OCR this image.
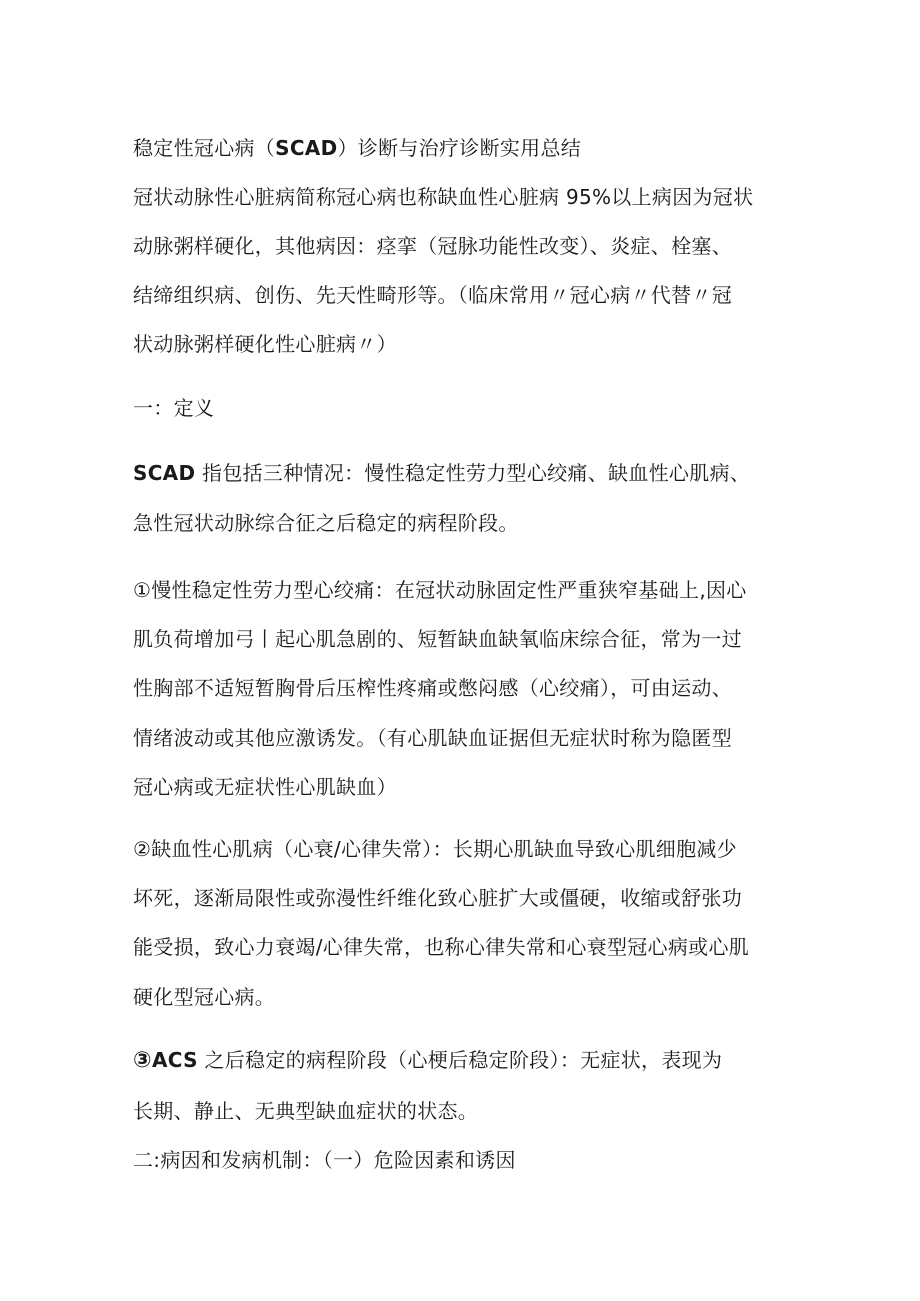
稳定性冠心病（SCAD）诊断与治疗诊断实用总结
冠状动脉性心脏病简称冠心病也称缺血性心脏病 95%以上病因为冠状
动脉粥样硬化，其他病因：痉挛（冠脉功能性改变）、炎症、栓塞、
结缔组织病、创伤、先天性畸形等。（临床常用〃冠心病〃代替〃冠
状动脉粥样硬化性心脏病〃）
一：定义
SCAD 指包括三种情况：慢性稳定性劳力型心绞痛、缺血性心肌病、
急性冠状动脉综合征之后稳定的病程阶段。
①慢性稳定性劳力型心绞痛：在冠状动脉固定性严重狭窄基础上,因心
肌负荷增加弓丨起心肌急剧的、短暂缺血缺氧临床综合征，常为一过
性胸部不适短暂胸骨后压榨性疼痛或憋闷感（心绞痛），可由运动、
情绪波动或其他应激诱发。（有心肌缺血证据但无症状时称为隐匿型
冠心病或无症状性心肌缺血）
②缺血性心肌病（心衰/心律失常）：长期心肌缺血导致心肌细胞减少
坏死，逐渐局限性或弥漫性纤维化致心脏扩大或僵硬，收缩或舒张功
能受损，致心力衰竭/心律失常，也称心律失常和心衰型冠心病或心肌
硬化型冠心病。
③ACS 之后稳定的病程阶段（心梗后稳定阶段）：无症状，表现为
长期、静止、无典型缺血症状的状态。
二:病因和发病机制：（一）危险因素和诱因
